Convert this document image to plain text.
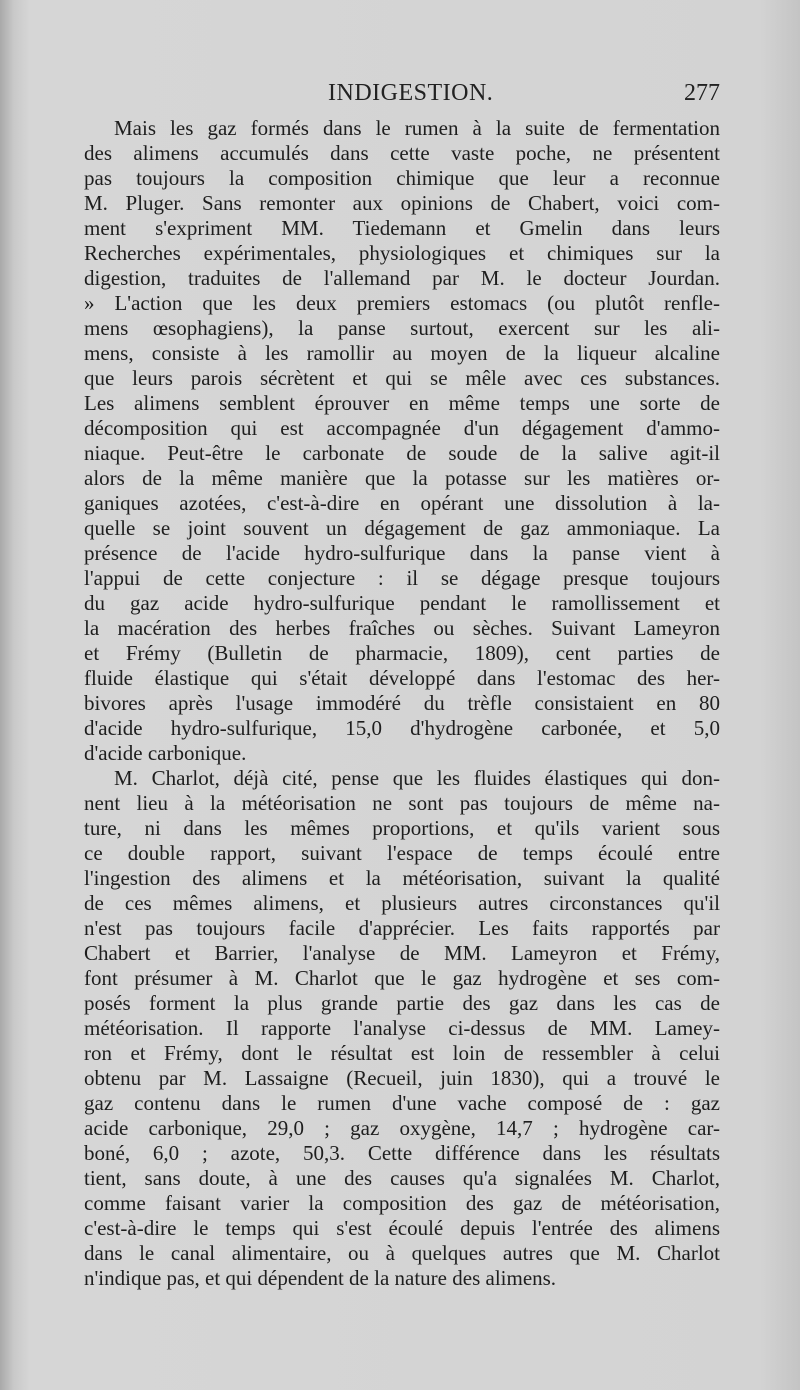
INDIGESTION.	277
Mais les gaz formés dans le rumen à la suite de fermentation
des alimens accumulés dans cette vaste poche, ne présentent
pas toujours la composition chimique que leur a reconnue
M. Pluger. Sans remonter aux opinions de Chabert, voici com-
ment s'expriment MM. Tiedemann et Gmelin dans leurs
Recherches expérimentales, physiologiques et chimiques sur la
digestion, traduites de l'allemand par M. le docteur Jourdan.
» L'action que les deux premiers estomacs (ou plutôt renfle-
mens œsophagiens), la panse surtout, exercent sur les ali-
mens, consiste à les ramollir au moyen de la liqueur alcaline
que leurs parois sécrètent et qui se mêle avec ces substances.
Les alimens semblent éprouver en même temps une sorte de
décomposition qui est accompagnée d'un dégagement d'ammo-
niaque. Peut-être le carbonate de soude de la salive agit-il
alors de la même manière que la potasse sur les matières or-
ganiques azotées, c'est-à-dire en opérant une dissolution à la-
quelle se joint souvent un dégagement de gaz ammoniaque. La
présence de l'acide hydro-sulfurique dans la panse vient à
l'appui de cette conjecture : il se dégage presque toujours
du gaz acide hydro-sulfurique pendant le ramollissement et
la macération des herbes fraîches ou sèches. Suivant Lameyron
et Frémy (Bulletin de pharmacie, 1809), cent parties de
fluide élastique qui s'était développé dans l'estomac des her-
bivores après l'usage immodéré du trèfle consistaient en 80
d'acide hydro-sulfurique, 15,0 d'hydrogène carbonée, et 5,0
d'acide carbonique.
M. Charlot, déjà cité, pense que les fluides élastiques qui don-
nent lieu à la météorisation ne sont pas toujours de même na-
ture, ni dans les mêmes proportions, et qu'ils varient sous
ce double rapport, suivant l'espace de temps écoulé entre
l'ingestion des alimens et la météorisation, suivant la qualité
de ces mêmes alimens, et plusieurs autres circonstances qu'il
n'est pas toujours facile d'apprécier. Les faits rapportés par
Chabert et Barrier, l'analyse de MM. Lameyron et Frémy,
font présumer à M. Charlot que le gaz hydrogène et ses com-
posés forment la plus grande partie des gaz dans les cas de
météorisation. Il rapporte l'analyse ci-dessus de MM. Lamey-
ron et Frémy, dont le résultat est loin de ressembler à celui
obtenu par M. Lassaigne (Recueil, juin 1830), qui a trouvé le
gaz contenu dans le rumen d'une vache composé de : gaz
acide carbonique, 29,0 ; gaz oxygène, 14,7 ; hydrogène car-
boné, 6,0 ; azote, 50,3. Cette différence dans les résultats
tient, sans doute, à une des causes qu'a signalées M. Charlot,
comme faisant varier la composition des gaz de météorisation,
c'est-à-dire le temps qui s'est écoulé depuis l'entrée des alimens
dans le canal alimentaire, ou à quelques autres que M. Charlot
n'indique pas, et qui dépendent de la nature des alimens.
